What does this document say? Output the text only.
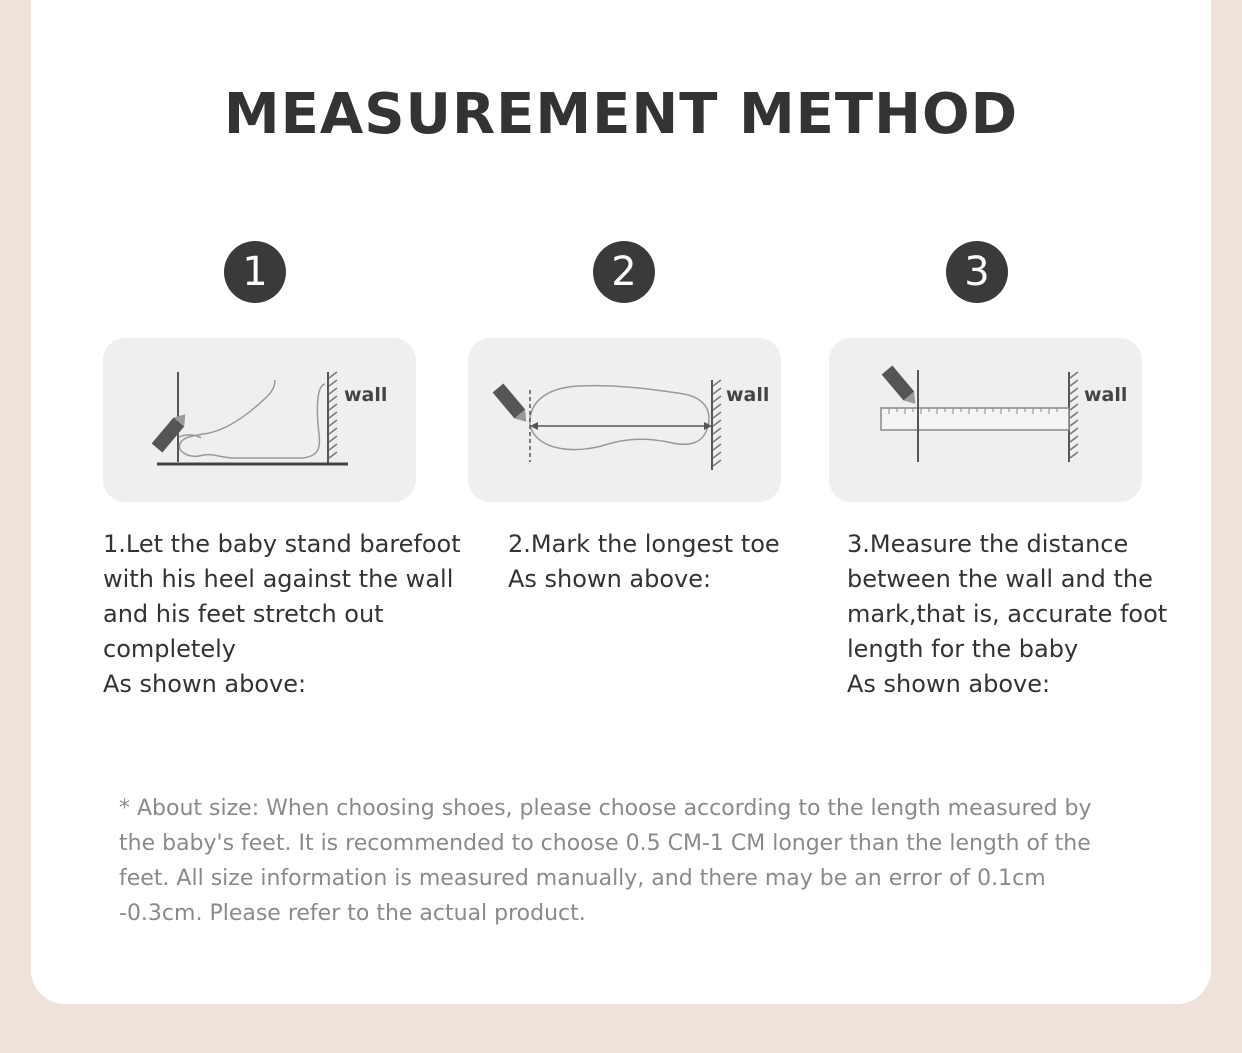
MEASUREMENT METHOD
1	2	3
wall	wall	wall
1.Let the baby stand barefoot
with his heel against the wall
and his feet stretch out
completely
As shown above:
2.Mark the longest toe
As shown above:
3.Measure the distance
between the wall and the
mark,that is, accurate foot
length for the baby
As shown above:

* About size: When choosing shoes, please choose according to the length measured by the baby's feet. It is recommended to choose 0.5 CM-1 CM longer than the length of the feet. All size information is measured manually, and there may be an error of 0.1cm -0.3cm. Please refer to the actual product.
